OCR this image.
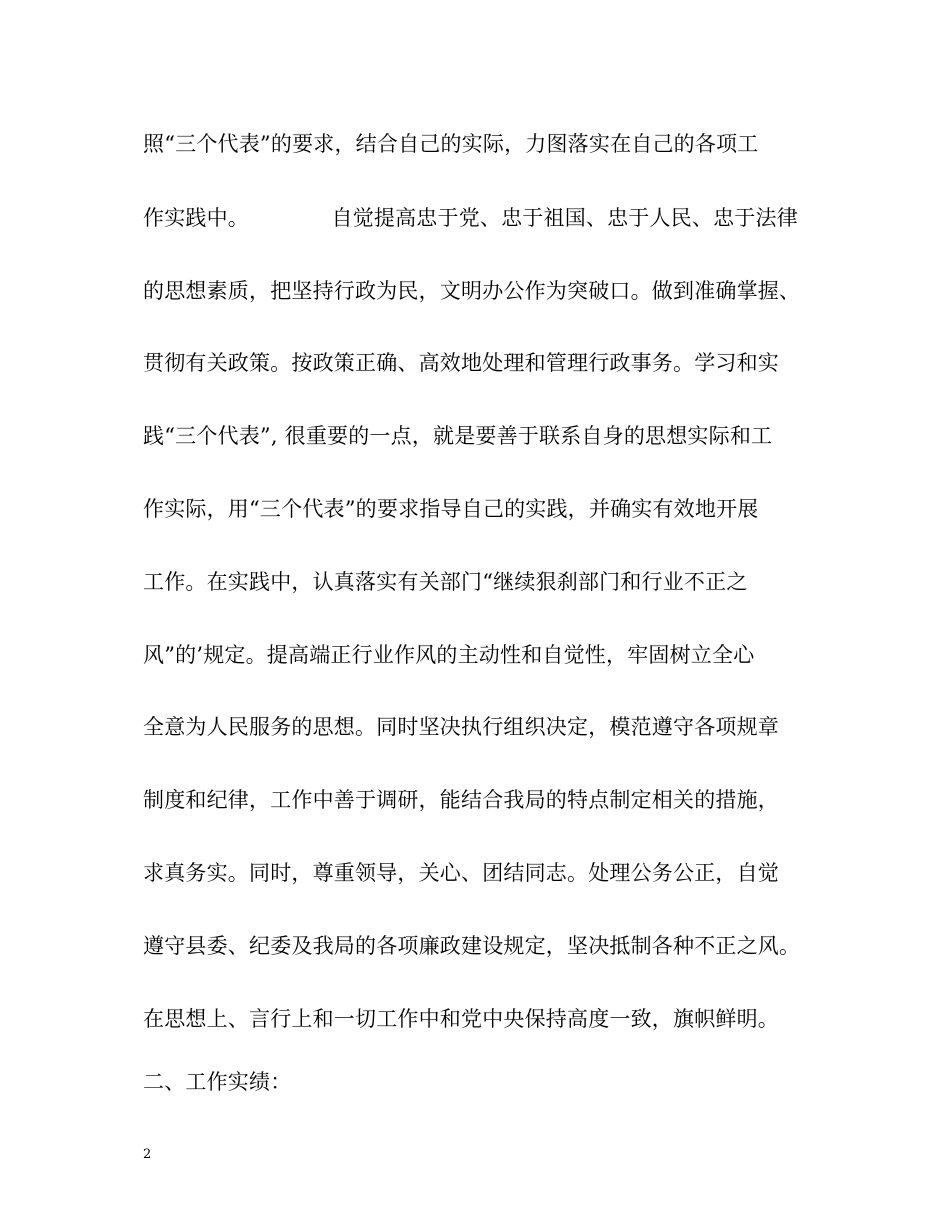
照“三个代表”的要求，结合自己的实际，力图落实在自己的各项工
作实践中。            自觉提高忠于党、忠于祖国、忠于人民、忠于法律
的思想素质，把坚持行政为民，文明办公作为突破口。做到准确掌握、
贯彻有关政策。按政策正确、高效地处理和管理行政事务。学习和实
践“三个代表”, 很重要的一点，就是要善于联系自身的思想实际和工
作实际，用“三个代表”的要求指导自己的实践，并确实有效地开展
工作。在实践中，认真落实有关部门“继续狠刹部门和行业不正之
风”的’规定。提高端正行业作风的主动性和自觉性，牢固树立全心
全意为人民服务的思想。同时坚决执行组织决定，模范遵守各项规章
制度和纪律，工作中善于调研，能结合我局的特点制定相关的措施，
求真务实。同时，尊重领导，关心、团结同志。处理公务公正，自觉
遵守县委、纪委及我局的各项廉政建设规定，坚决抵制各种不正之风。
在思想上、言行上和一切工作中和党中央保持高度一致，旗帜鲜明。
二、工作实绩：
2
